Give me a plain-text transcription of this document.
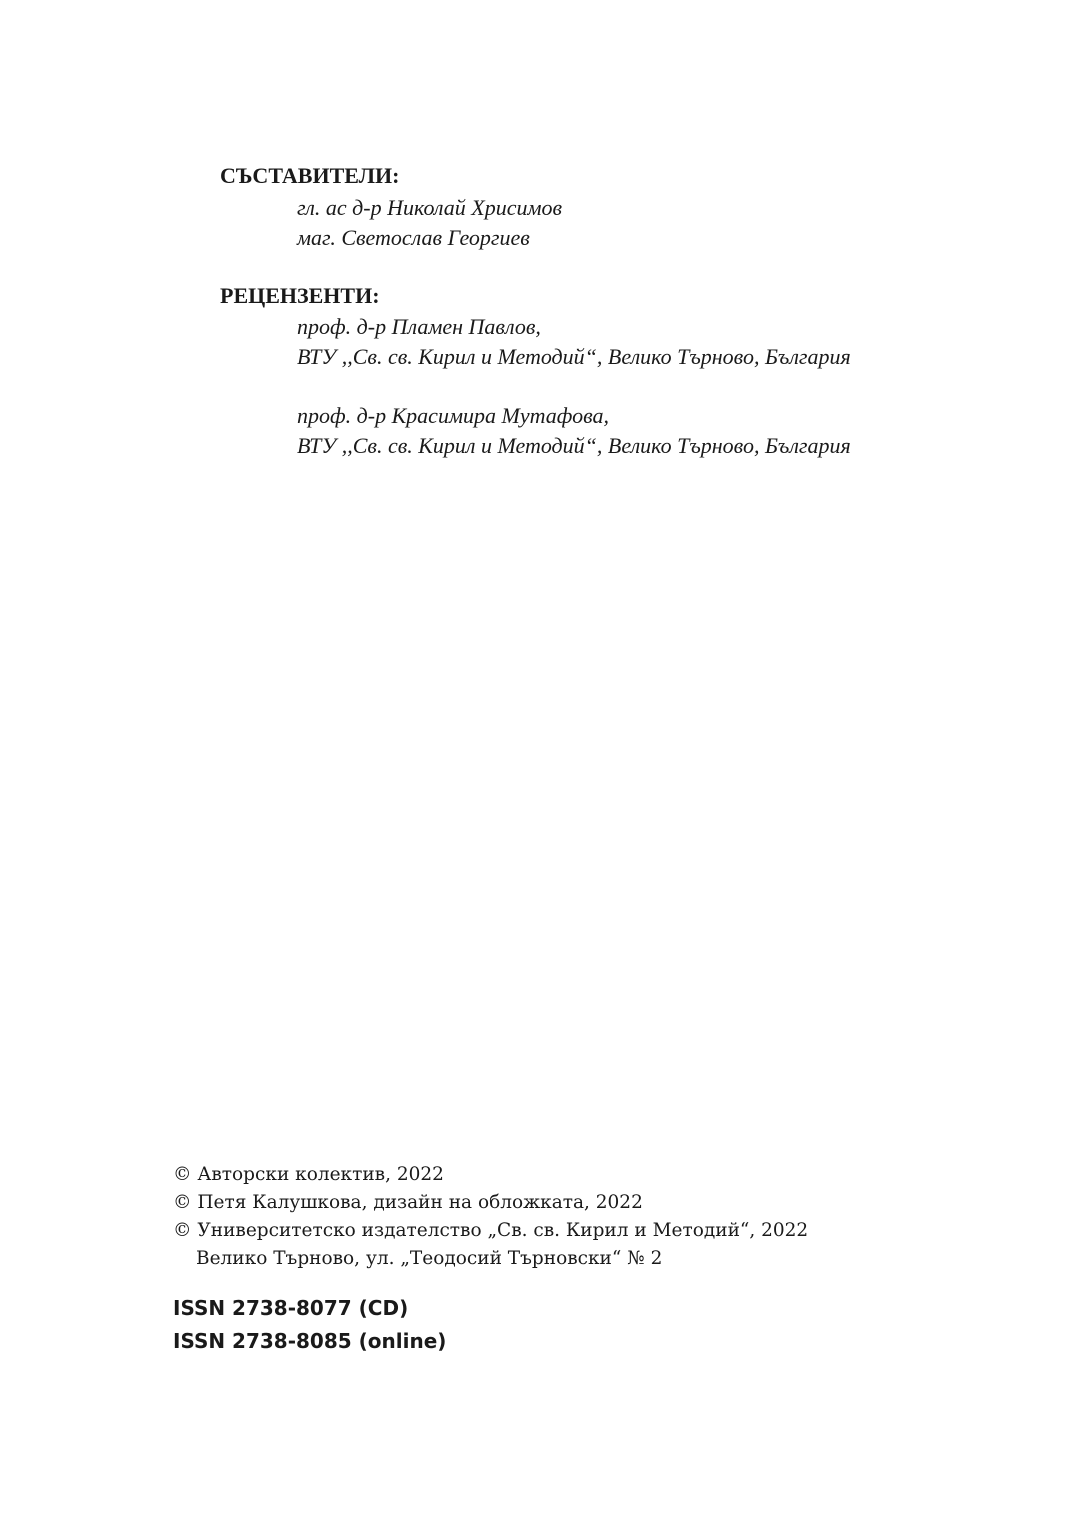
СЪСТАВИТЕЛИ:

гл. ас д-р Николай Хрисимов

маг. Светослав Георгиев

РЕЦЕНЗЕНТИ:

проф. д-р Пламен Павлов,

ВТУ ,,Св. св. Кирил и Методий“, Велико Търново, България

проф. д-р Красимира Мутафова,

ВТУ ,,Св. св. Кирил и Методий“, Велико Търново, България

© Авторски колектив, 2022

© Петя Калушкова, дизайн на обложката, 2022

© Университетско издателство „Св. св. Кирил и Методий“, 2022

Велико Търново, ул. „Теодосий Търновски“ № 2

ISSN 2738-8077 (CD)

ISSN 2738-8085 (online)
